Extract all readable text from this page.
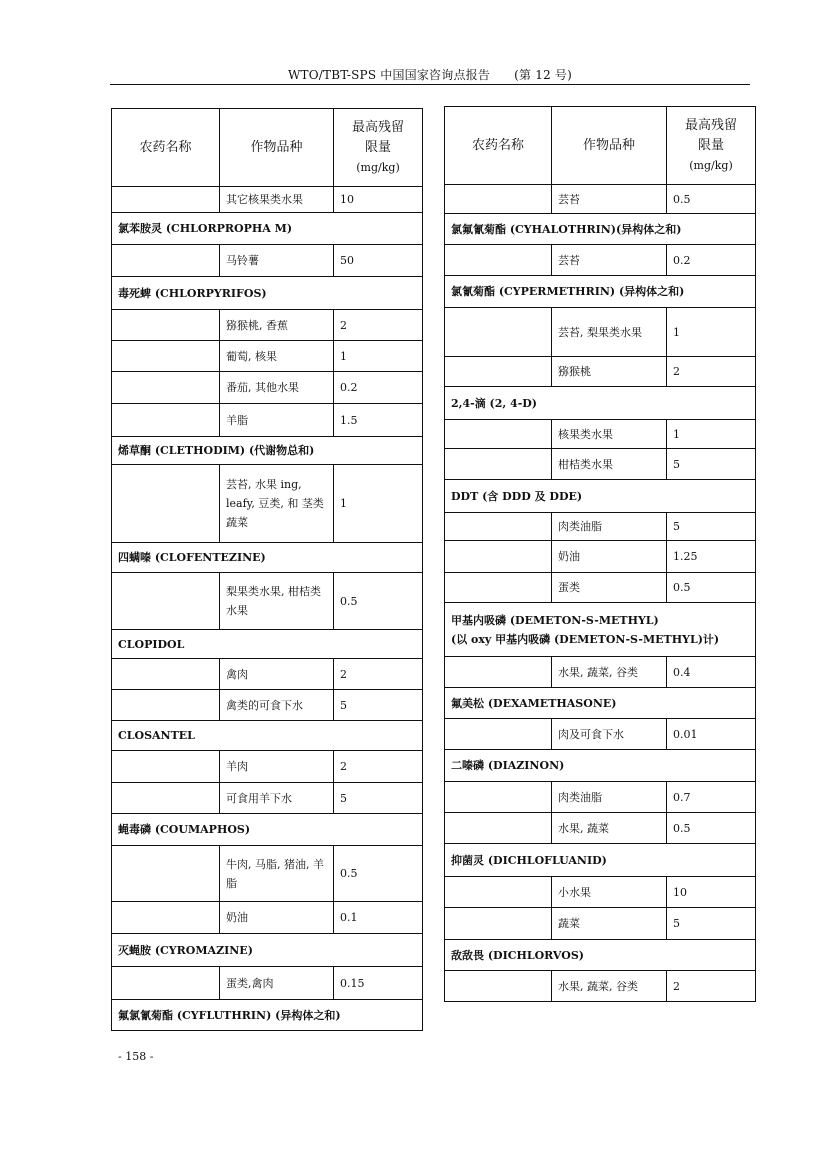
WTO/TBT-SPS 中国国家咨询点报告 (第 12 号)
农药名称	作物品种	最高残留
限量
(mg/kg)

	其它核果类水果	10
氯苯胺灵 (CHLORPROPHA M)		
	马铃薯	50
毒死蜱 (CHLORPYRIFOS)		
	猕猴桃, 香蕉	2
	葡萄, 核果	1
	番茄, 其他水果	0.2
	羊脂	1.5
烯草酮 (CLETHODIM) (代谢物总和)		
	芸苔, 水果 ing, leafy, 豆类, 和 茎类蔬菜	1
四螨嗪 (CLOFENTEZINE)		
	梨果类水果, 柑桔类水果	0.5
CLOPIDOL		
	禽肉	2
	禽类的可食下水	5
CLOSANTEL		
	羊肉	2
	可食用羊下水	5
蝇毒磷 (COUMAPHOS)		
	牛肉, 马脂, 猪油, 羊脂	0.5
	奶油	0.1
灭蝇胺 (CYROMAZINE)		
	蛋类,禽肉	0.15
氟氯氰菊酯 (CYFLUTHRIN) (异构体之和)		
农药名称	作物品种	最高残留
限量
(mg/kg)

	芸苔	0.5
氯氟氰菊酯 (CYHALOTHRIN)(异构体之和)		
	芸苔	0.2
氯氰菊酯 (CYPERMETHRIN) (异构体之和)		
	芸苔, 梨果类水果	1
	猕猴桃	2
2,4-滴 (2, 4-D)		
	核果类水果	1
	柑桔类水果	5
DDT (含 DDD 及 DDE)		
	肉类油脂	5
	奶油	1.25
	蛋类	0.5

甲基内吸磷 (DEMETON-S-METHYL)
(以 oxy 甲基内吸磷 (DEMETON-S-METHYL)计)		

	水果, 蔬菜, 谷类	0.4
氟美松 (DEXAMETHASONE)		
	肉及可食下水	0.01
二嗪磷 (DIAZINON)		
	肉类油脂	0.7
	水果, 蔬菜	0.5
抑菌灵 (DICHLOFLUANID)		
	小水果	10
	蔬菜	5
敌敌畏 (DICHLORVOS)		
	水果, 蔬菜, 谷类	2
- 158 -
